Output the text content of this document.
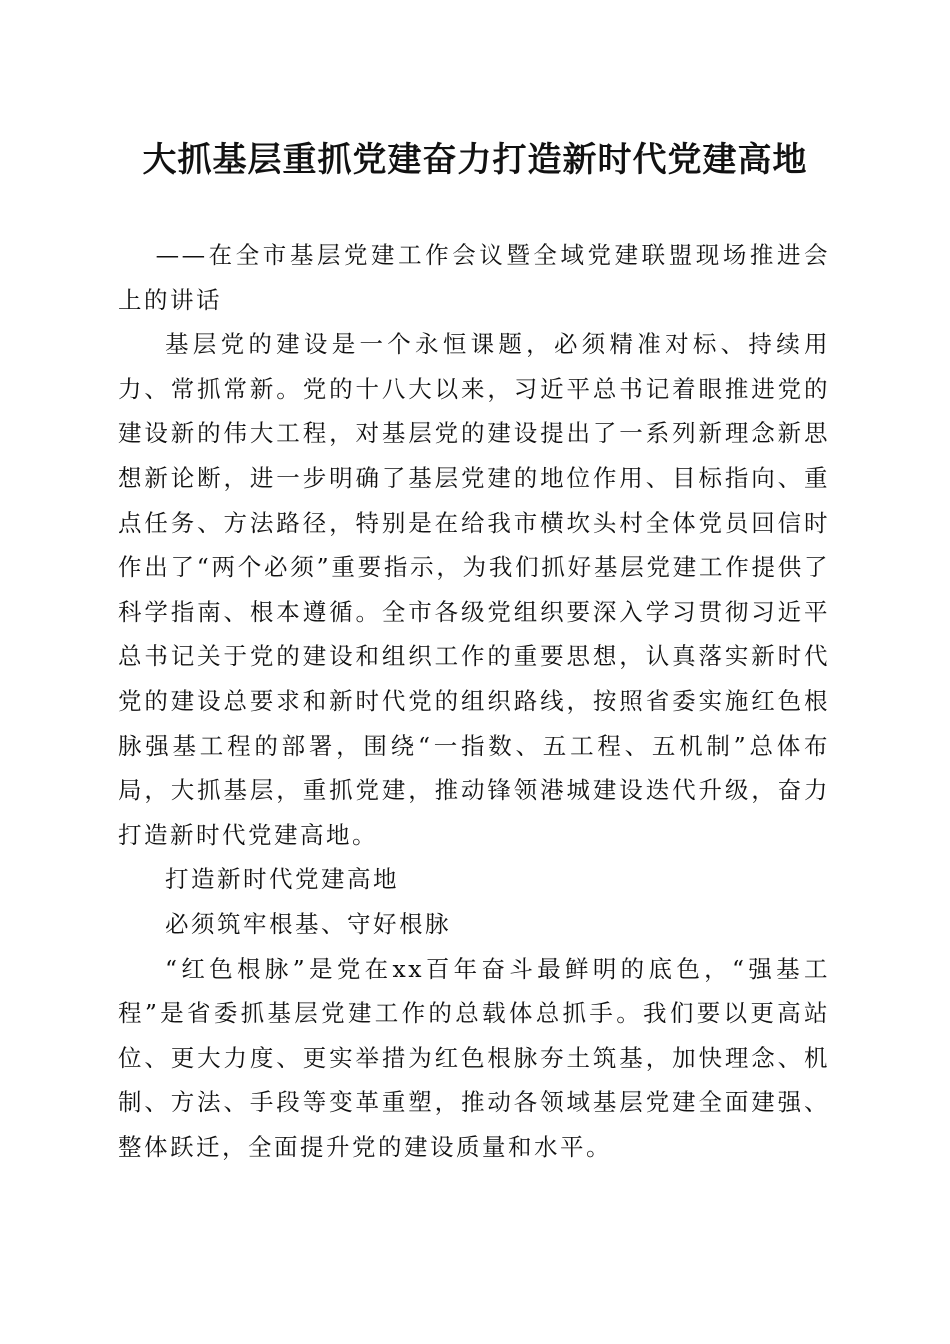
大抓基层重抓党建奋力打造新时代党建高地

——在全市基层党建工作会议暨全域党建联盟现场推进会上的讲话

基层党的建设是一个永恒课题，必须精准对标、持续用力、常抓常新。党的十八大以来，习近平总书记着眼推进党的建设新的伟大工程，对基层党的建设提出了一系列新理念新思想新论断，进一步明确了基层党建的地位作用、目标指向、重点任务、方法路径，特别是在给我市横坎头村全体党员回信时作出了“两个必须”重要指示，为我们抓好基层党建工作提供了科学指南、根本遵循。全市各级党组织要深入学习贯彻习近平总书记关于党的建设和组织工作的重要思想，认真落实新时代党的建设总要求和新时代党的组织路线，按照省委实施红色根脉强基工程的部署，围绕“一指数、五工程、五机制”总体布局，大抓基层，重抓党建，推动锋领港城建设迭代升级，奋力打造新时代党建高地。

打造新时代党建高地

必须筑牢根基、守好根脉

“红色根脉”是党在xx百年奋斗最鲜明的底色，“强基工程”是省委抓基层党建工作的总载体总抓手。我们要以更高站位、更大力度、更实举措为红色根脉夯土筑基，加快理念、机制、方法、手段等变革重塑，推动各领域基层党建全面建强、整体跃迁，全面提升党的建设质量和水平。
